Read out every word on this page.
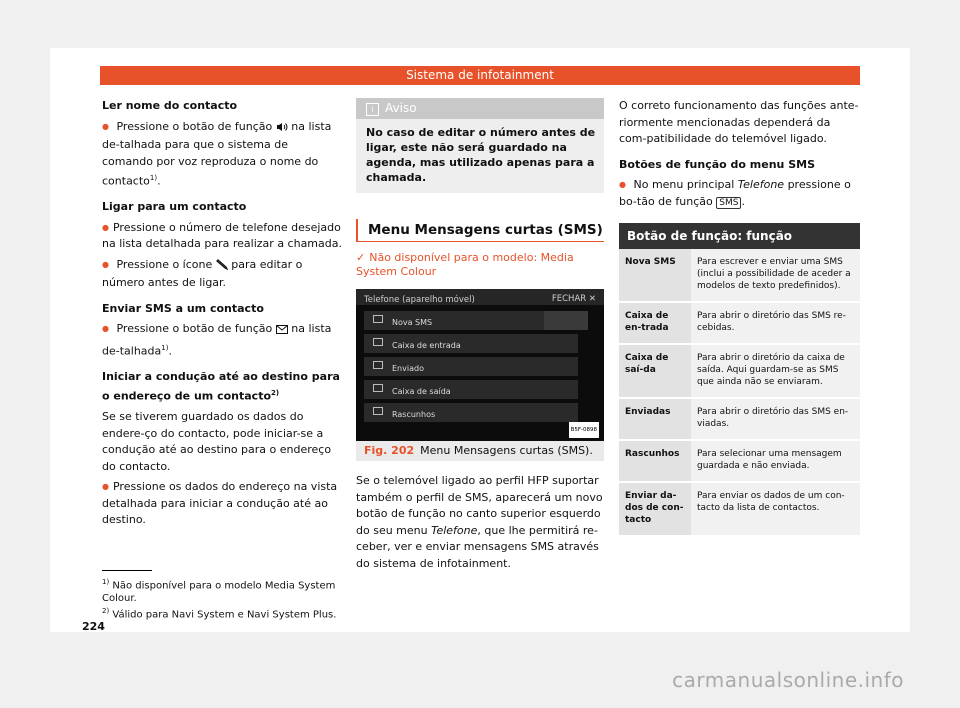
Sistema de infotainment
Ler nome do contacto
● Pressione o botão de função  na lista de-talhada para que o sistema de comando por voz reproduza o nome do contacto$^{1)}$.
Ligar para um contacto
● Pressione o número de telefone desejado na lista detalhada para realizar a chamada.
● Pressione o ícone  para editar o número antes de ligar.
Enviar SMS a um contacto
● Pressione o botão de função  na lista de-talhada$^{1)}$.
Iniciar a condução até ao destino para o endereço de um contacto$^{2)}$

Se se tiverem guardado os dados do endere-ço do contacto, pode iniciar-se a condução até ao destino para o endereço do contacto.

● Pressione os dados do endereço na vista detalhada para iniciar a condução até ao destino.
i Aviso
No caso de editar o número antes de ligar, este não será guardado na agenda, mas utilizado apenas para a chamada.
Menu Mensagens curtas (SMS)
✓ Não disponível para o modelo: Media System Colour
Telefone (aparelho móvel)	FECHAR ✕
Nova SMS
Caixa de entrada
Enviado
Caixa de saída
Rascunhos
B5F-0898
Fig. 202 Menu Mensagens curtas (SMS).

Se o telemóvel ligado ao perfil HFP suportar também o perfil de SMS, aparecerá um novo botão de função no canto superior esquerdo do seu menu Telefone, que lhe permitirá re-ceber, ver e enviar mensagens SMS através do sistema de infotainment.

O correto funcionamento das funções ante-riormente mencionadas dependerá da com-patibilidade do telemóvel ligado.

Botões de função do menu SMS
● No menu principal Telefone pressione o bo-tão de função SMS .
Botão de função: função	
Nova SMS	Para escrever e enviar uma SMS (inclui a possibilidade de aceder a modelos de texto predefinidos).
Caixa de en-trada	Para abrir o diretório das SMS re-cebidas.
Caixa de saí-da	Para abrir o diretório da caixa de saída. Aqui guardam-se as SMS que ainda não se enviaram.
Enviadas	Para abrir o diretório das SMS en-viadas.
Rascunhos	Para selecionar uma mensagem guardada e não enviada.
Enviar da-dos de con-tacto	Para enviar os dados de um con-tacto da lista de contactos.
$^{1)}$ Não disponível para o modelo Media System Colour.
$^{2)}$ Válido para Navi System e Navi System Plus.
224
carmanualsonline.info
